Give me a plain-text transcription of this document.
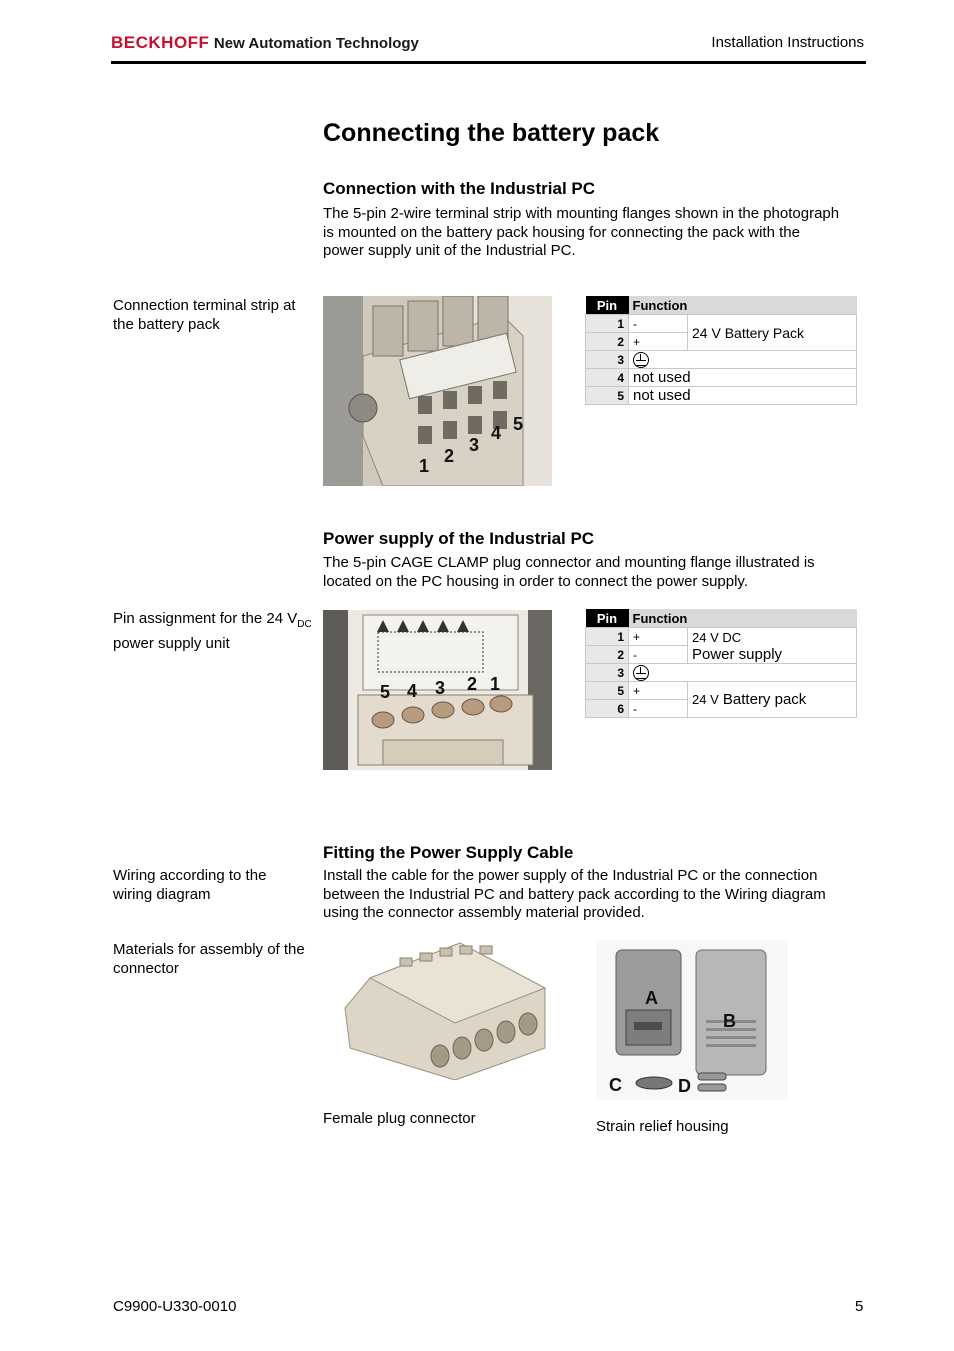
BECKHOFF New Automation Technology	Installation Instructions
Connecting the battery pack
Connection with the Industrial PC

The 5-pin 2-wire terminal strip with mounting flanges shown in the photograph is mounted on the battery pack housing for connecting the pack with the power supply unit of the Industrial PC.

Connection terminal strip at the battery pack
1 2
3
4 5
Pin	Function	
1	-	24 V Battery Pack
2	+	
3		
4	not used	
5	not used	
Power supply of the Industrial PC

The 5-pin CAGE CLAMP plug connector and mounting flange illustrated is located on the PC housing in order to connect the power supply.

Pin assignment for the 24 $V_{DC}$ power supply unit
5 4 3 2 1
Pin	Function	
1	+	24 V DC
Power supply

2	-	
3		
5	+	24 V Battery pack
6	-	
Fitting the Power Supply Cable

Install the cable for the power supply of the Industrial PC or the connection between the Industrial PC and battery pack according to the Wiring diagram using the connector assembly material provided.

Wiring according to the wiring diagram
Materials for assembly of the connector
A
B
C	D
Female plug connector	Strain relief housing
C9900-U330-0010	5
